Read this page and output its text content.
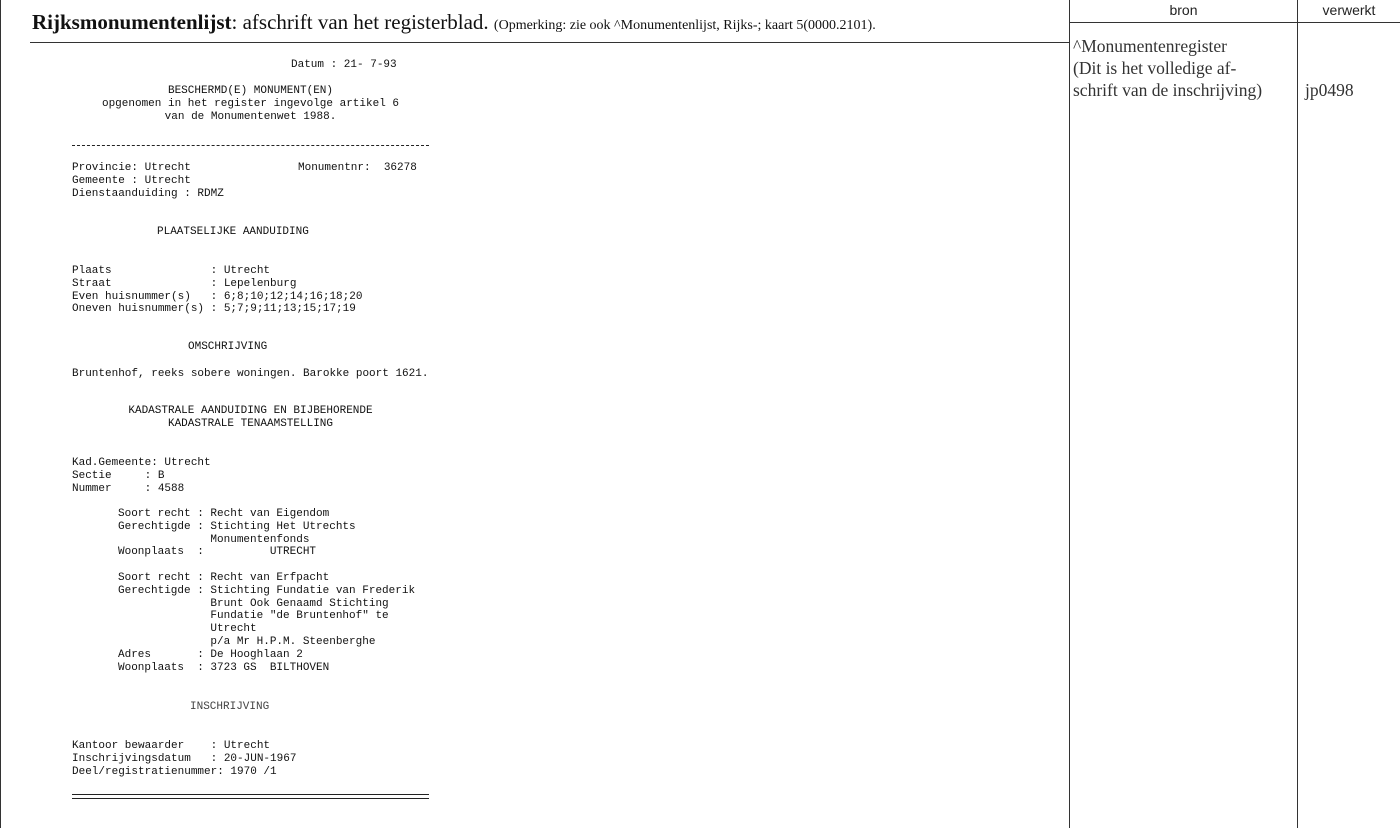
Rijksmonumentenlijst: afschrift van het registerblad. (Opmerking: zie ook ^Monumentenlijst, Rijks-; kaart 5(0000.2101).
bron	verwerkt
^Monumentenregister
(Dit is het volledige af-
schrift van de inschrijving) jp0498
Datum : 21- 7-93
BESCHERMD(E) MONUMENT(EN)
opgenomen in het register ingevolge artikel 6
van de Monumentenwet 1988.
Provincie: Utrecht	Monumentnr:  36278
Gemeente : Utrecht
Dienstaanduiding : RDMZ
PLAATSELIJKE AANDUIDING
Plaats               : Utrecht
Straat               : Lepelenburg
Even huisnummer(s)   : 6;8;10;12;14;16;18;20
Oneven huisnummer(s) : 5;7;9;11;13;15;17;19
OMSCHRIJVING
Bruntenhof, reeks sobere woningen. Barokke poort 1621.
KADASTRALE AANDUIDING EN BIJBEHORENDE
KADASTRALE TENAAMSTELLING
Kad.Gemeente: Utrecht
Sectie     : B
Nummer     : 4588
Soort recht : Recht van Eigendom
Gerechtigde : Stichting Het Utrechts
Monumentenfonds
Woonplaats  :          UTRECHT
Soort recht : Recht van Erfpacht
Gerechtigde : Stichting Fundatie van Frederik
Brunt Ook Genaamd Stichting
Fundatie "de Bruntenhof" te
Utrecht
p/a Mr H.P.M. Steenberghe
Adres       : De Hooghlaan 2
Woonplaats  : 3723 GS  BILTHOVEN
INSCHRIJVING
Kantoor bewaarder    : Utrecht
Inschrijvingsdatum   : 20-JUN-1967
Deel/registratienummer: 1970 /1
